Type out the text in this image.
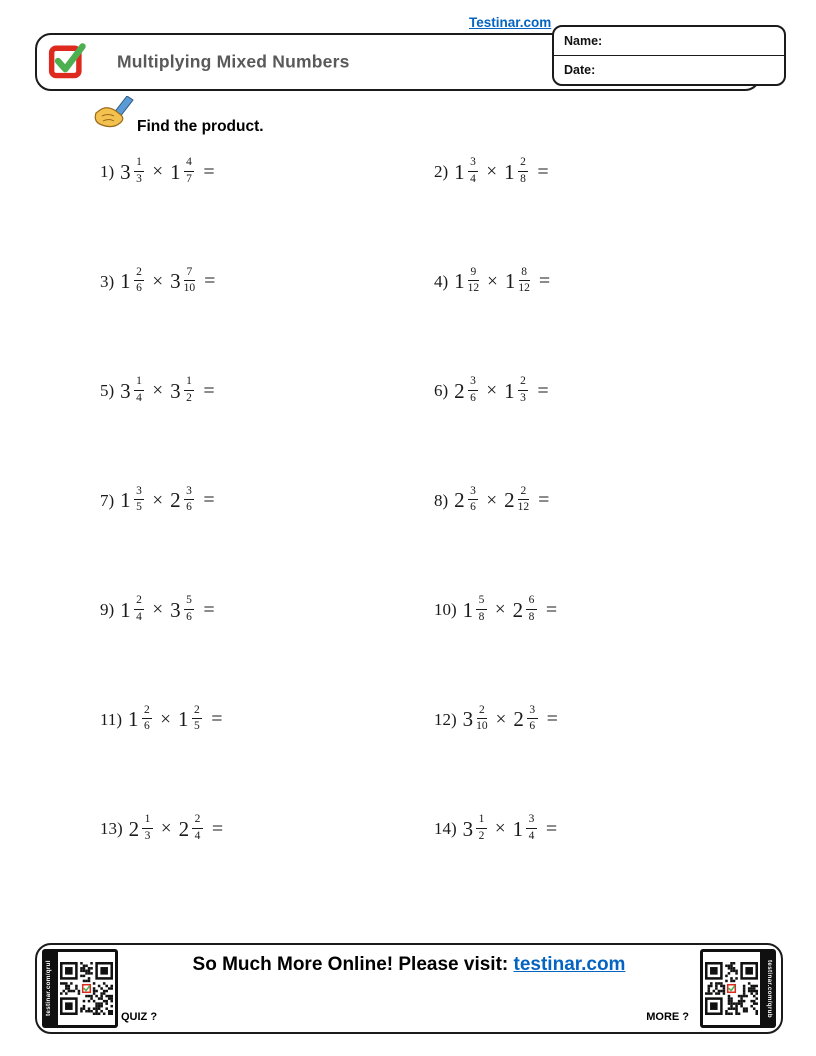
Testinar.com
Multiplying Mixed Numbers
Name:
Date:
Find the product.
1) $3 \frac{1}{3} \times 1 \frac{4}{7}$ =	2) $1 \frac{3}{4} \times 1 \frac{2}{8}$ =
3) $1 \frac{2}{6} \times 3 \frac{7}{10}$ =	4) $1 \frac{9}{12} \times 1 \frac{8}{12}$ =
5) $3 \frac{1}{4} \times 3 \frac{1}{2}$ =	6) $2 \frac{3}{6} \times 1 \frac{2}{3}$ =
7) $1 \frac{3}{5} \times 2 \frac{3}{6}$ =	8) $2 \frac{3}{6} \times 2 \frac{2}{12}$ =
9) $1 \frac{2}{4} \times 3 \frac{5}{6}$ =	10) $1 \frac{5}{8} \times 2 \frac{6}{8}$ =
11) $1 \frac{2}{6} \times 1 \frac{2}{5}$ =	12) $3 \frac{2}{10} \times 2 \frac{3}{6}$ =
13) $2 \frac{1}{3} \times 2 \frac{2}{4}$ =	14) $3 \frac{1}{2} \times 1 \frac{3}{4}$ =
testinar.com/qrul	So Much More Online! Please visit: testinar.com
QUIZ ?	MORE ?	testinar.com/qrub
